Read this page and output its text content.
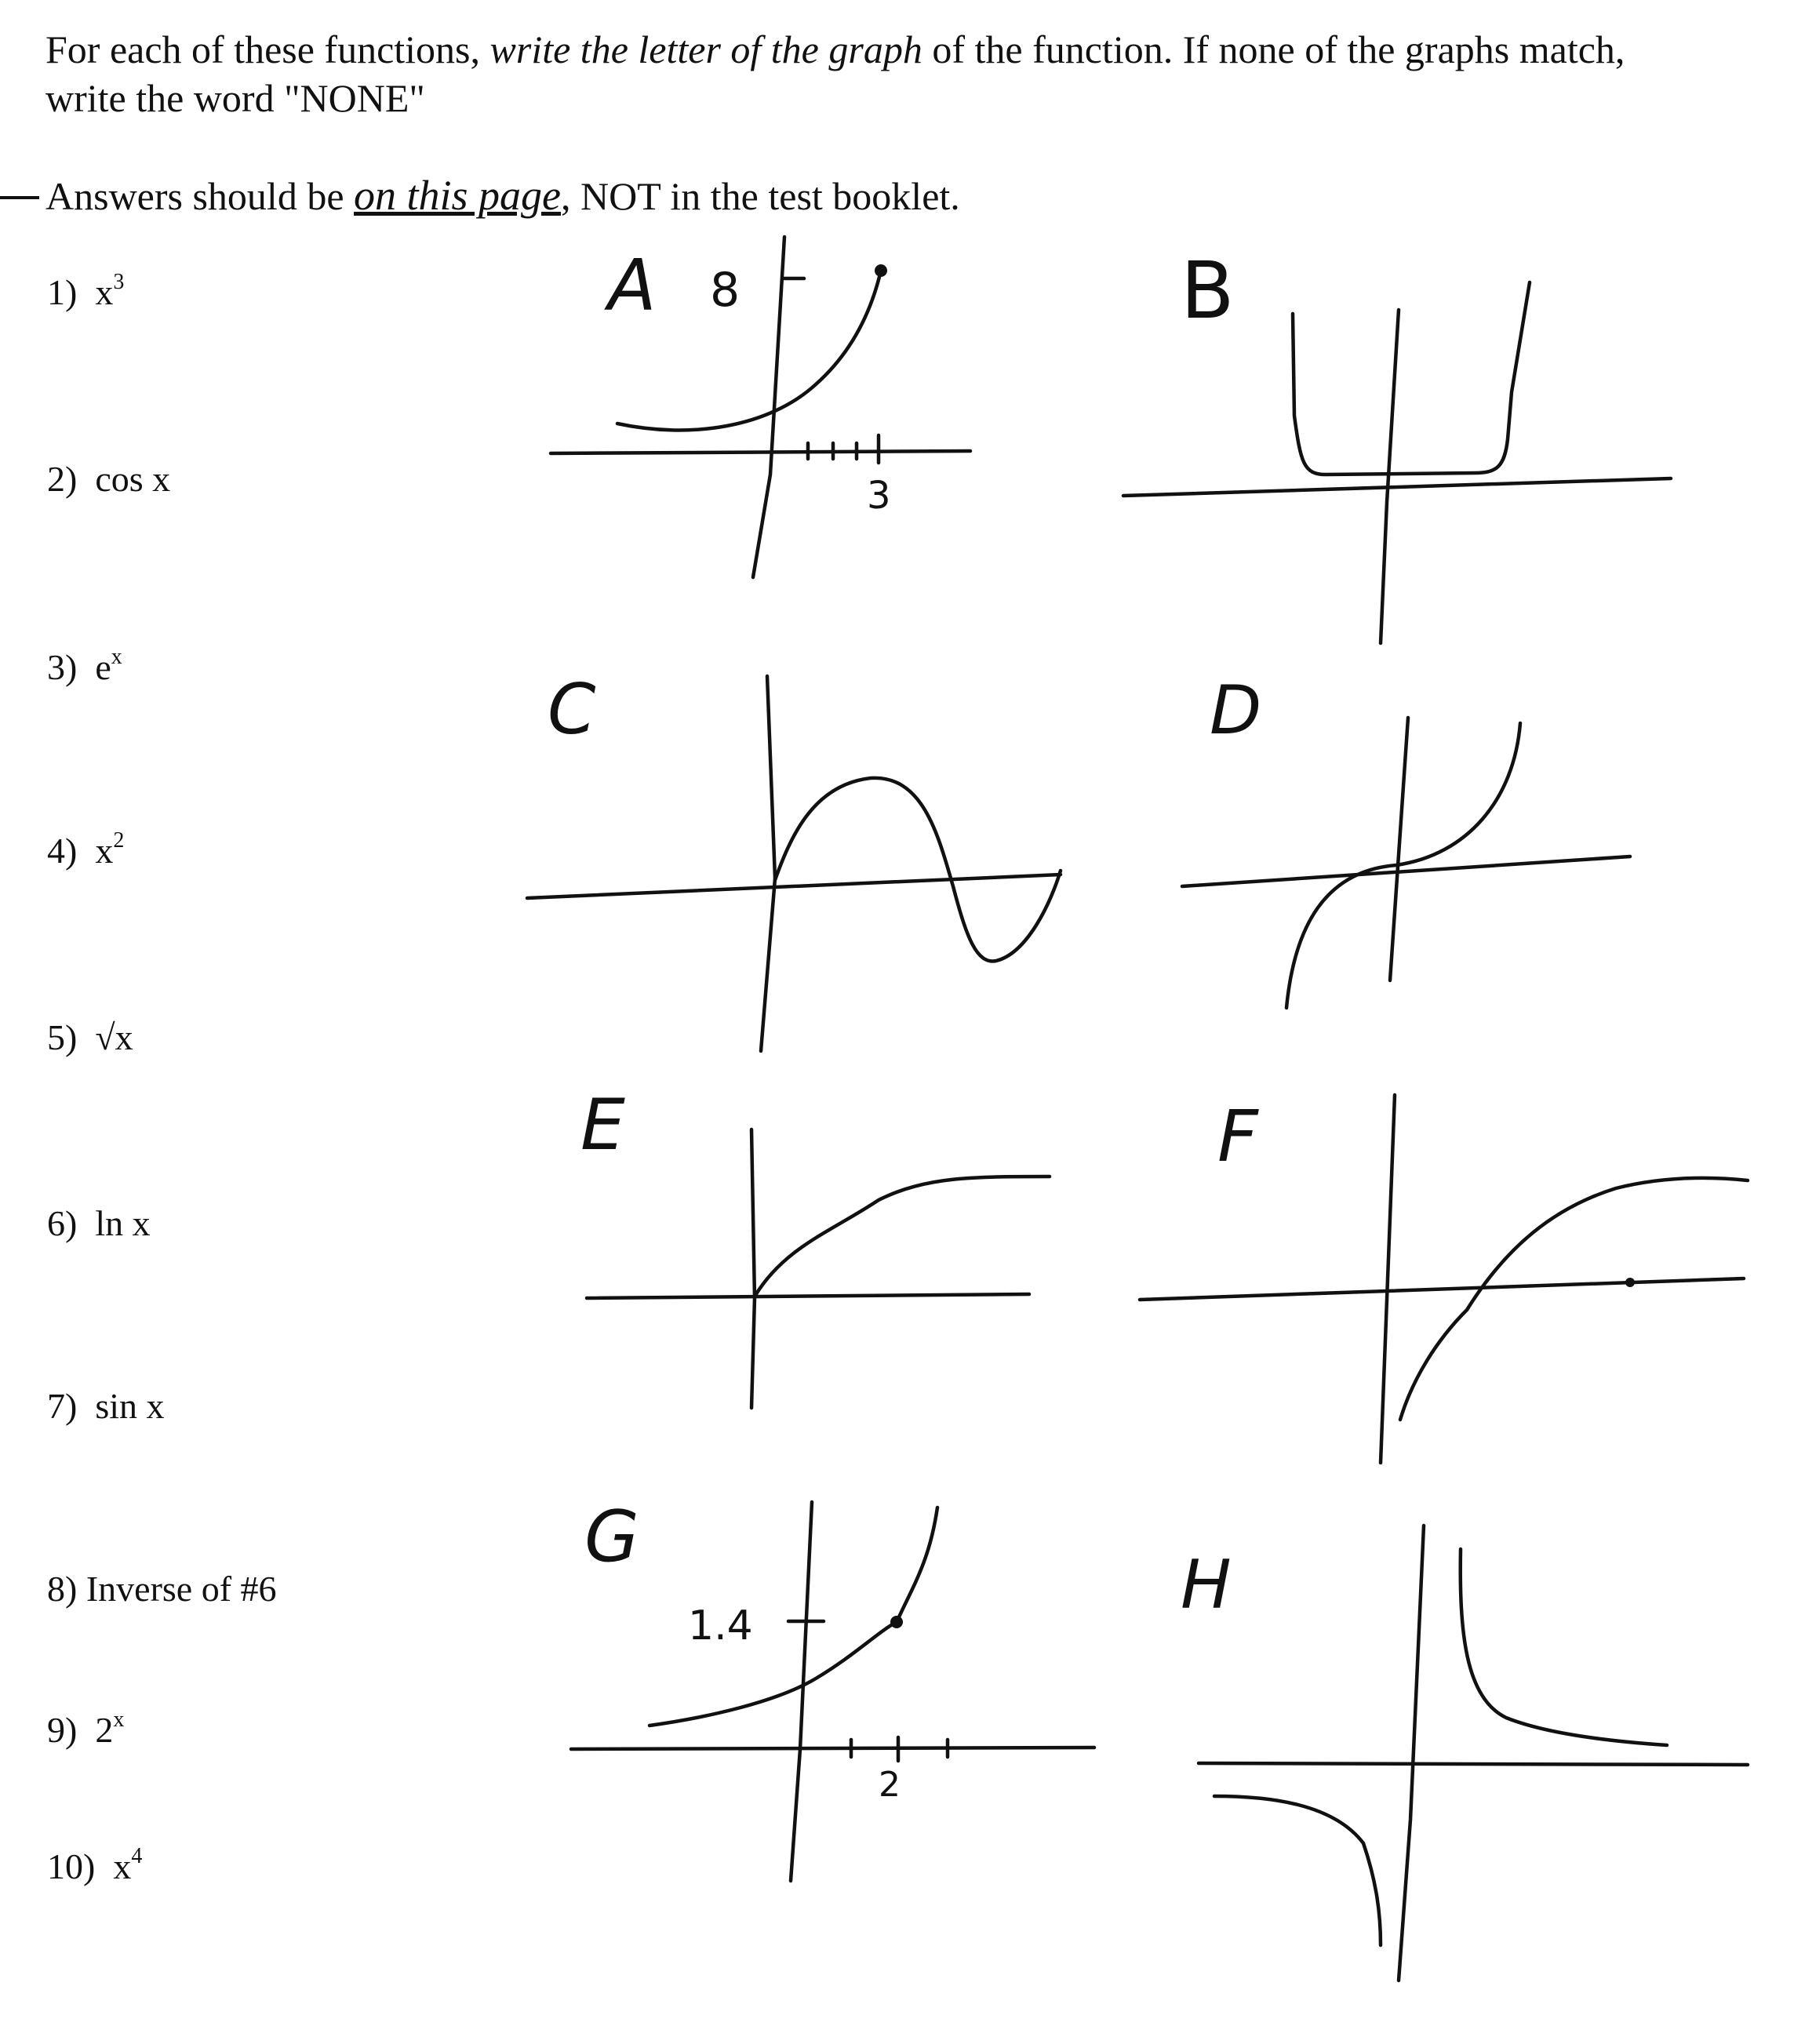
For each of these functions, write the letter of the graph of the function. If none of the graphs match,
write the word "NONE"
Answers should be on this page, NOT in the test booklet.
1) $x^3$
2) cos x
3) $e^x$
4) $x^2$
5) √x
6) ln x
7) sin x
8) Inverse of #6
9) 2$^x$
10) $x^4$
A 8
3
B
C	D
E	F
G
1.4
2
H
